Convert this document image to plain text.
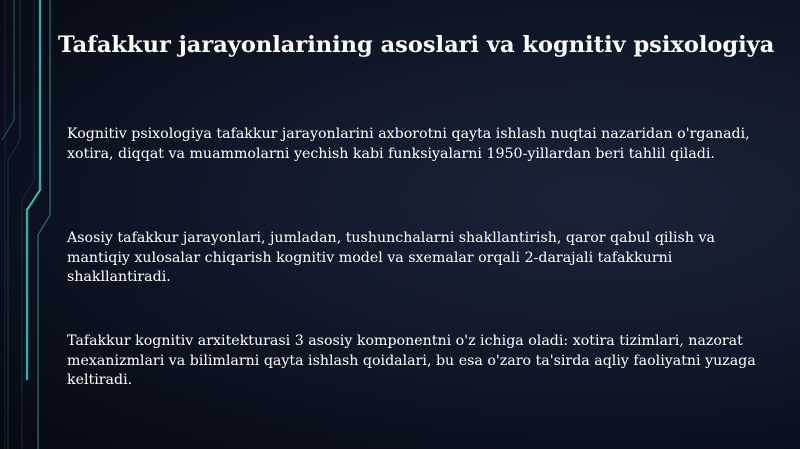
Tafakkur jarayonlarining asoslari va kognitiv psixologiya

Kognitiv psixologiya tafakkur jarayonlarini axborotni qayta ishlash nuqtai nazaridan o'rganadi, xotira, diqqat va muammolarni yechish kabi funksiyalarni 1950-yillardan beri tahlil qiladi.

Asosiy tafakkur jarayonlari, jumladan, tushunchalarni shakllantirish, qaror qabul qilish va mantiqiy xulosalar chiqarish kognitiv model va sxemalar orqali 2-darajali tafakkurni shakllantiradi.

Tafakkur kognitiv arxitekturasi 3 asosiy komponentni o'z ichiga oladi: xotira tizimlari, nazorat mexanizmlari va bilimlarni qayta ishlash qoidalari, bu esa o'zaro ta'sirda aqliy faoliyatni yuzaga keltiradi.
